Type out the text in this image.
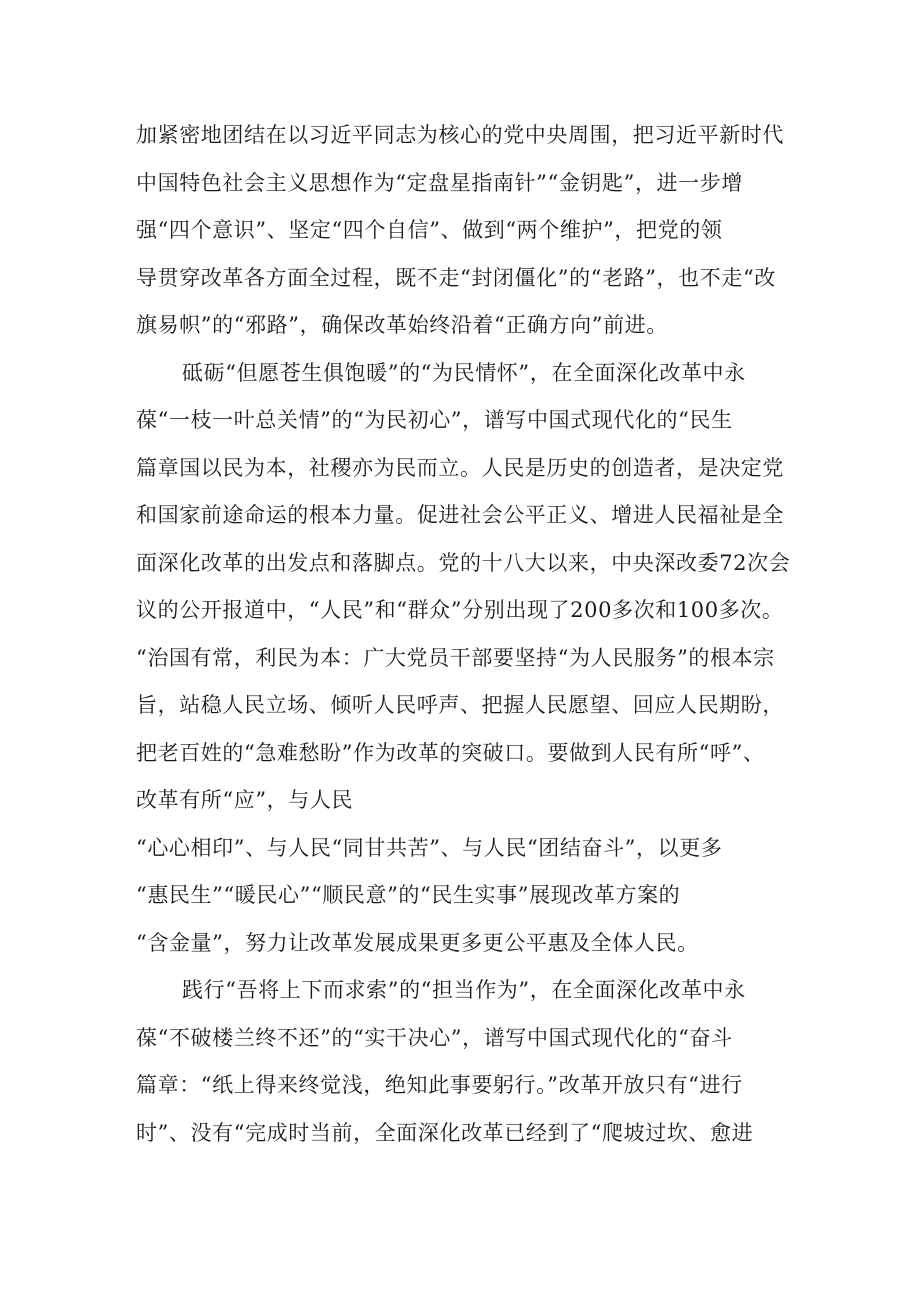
加紧密地团结在以习近平同志为核心的党中央周围，把习近平新时代
中国特色社会主义思想作为“定盘星指南针”“金钥匙”，进一步增
强“四个意识”、坚定“四个自信”、做到“两个维护”，把党的领
导贯穿改革各方面全过程，既不走“封闭僵化”的“老路”，也不走“改
旗易帜”的“邪路”，确保改革始终沿着“正确方向”前进。
砥砺“但愿苍生俱饱暖”的“为民情怀”，在全面深化改革中永
葆“一枝一叶总关情”的“为民初心”，谱写中国式现代化的“民生
篇章国以民为本，社稷亦为民而立。人民是历史的创造者，是决定党
和国家前途命运的根本力量。促进社会公平正义、增进人民福祉是全
面深化改革的出发点和落脚点。党的十八大以来，中央深改委72次会
议的公开报道中，“人民”和“群众”分别出现了200多次和100多次。
“治国有常，利民为本：广大党员干部要坚持“为人民服务”的根本宗
旨，站稳人民立场、倾听人民呼声、把握人民愿望、回应人民期盼，
把老百姓的“急难愁盼”作为改革的突破口。要做到人民有所“呼”、
改革有所“应”，与人民
“心心相印”、与人民“同甘共苦”、与人民“团结奋斗”，以更多
“惠民生”“暖民心”“顺民意”的“民生实事”展现改革方案的
“含金量”，努力让改革发展成果更多更公平惠及全体人民。
践行“吾将上下而求索”的“担当作为”，在全面深化改革中永
葆“不破楼兰终不还”的“实干决心”，谱写中国式现代化的“奋斗
篇章：“纸上得来终觉浅，绝知此事要躬行。”改革开放只有“进行
时”、没有“完成时当前，全面深化改革已经到了“爬坡过坎、愈进
